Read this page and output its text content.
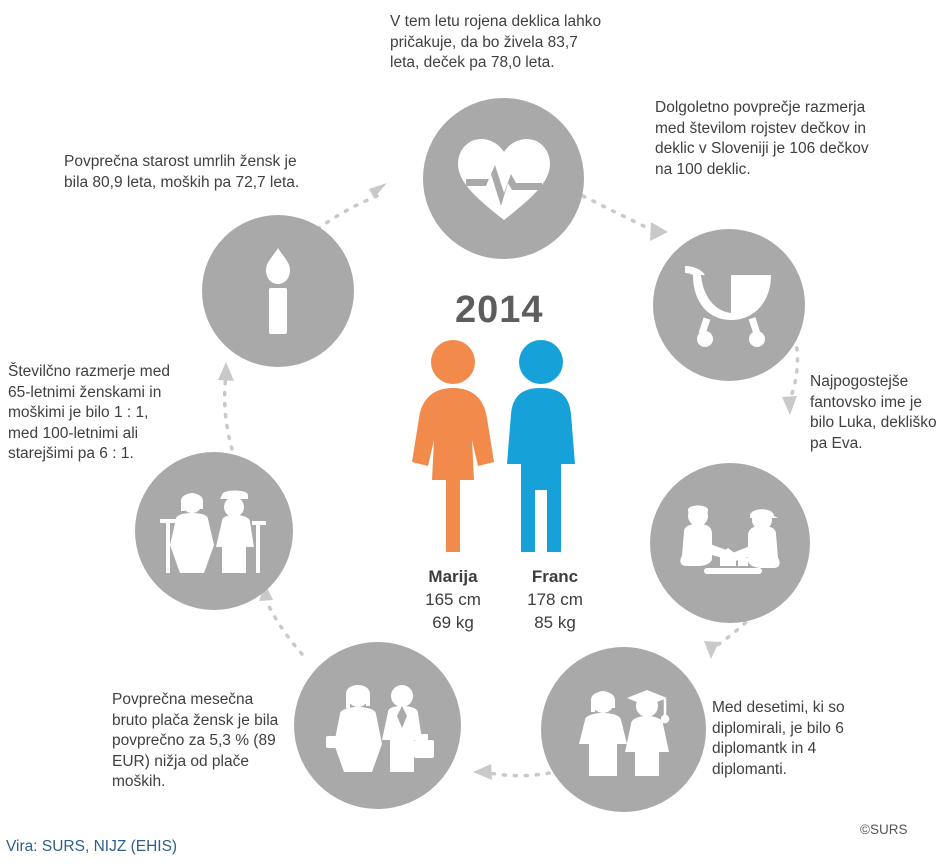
V tem letu rojena deklica lahko pričakuje, da bo živela 83,7 leta, deček pa 78,0 leta.
Dolgoletno povprečje razmerja med številom rojstev dečkov in deklic v Sloveniji je 106 dečkov na 100 deklic.
Najpogostejše fantovsko ime je bilo Luka, dekliško pa Eva.
Med desetimi, ki so diplomirali, je bilo 6 diplomantk in 4 diplomanti.
Povprečna mesečna bruto plača žensk je bila povprečno za 5,3 % (89 EUR) nižja od plače moških.
Številčno razmerje med 65-letnimi ženskami in moškimi je bilo 1 : 1, med 100-letnimi ali starejšimi pa 6 : 1.
Povprečna starost umrlih žensk je bila 80,9 leta, moških pa 72,7 leta.
2014
Marija
165 cm
69 kg
Franc
178 cm
85 kg
©SURS
Vira: SURS, NIJZ (EHIS)
